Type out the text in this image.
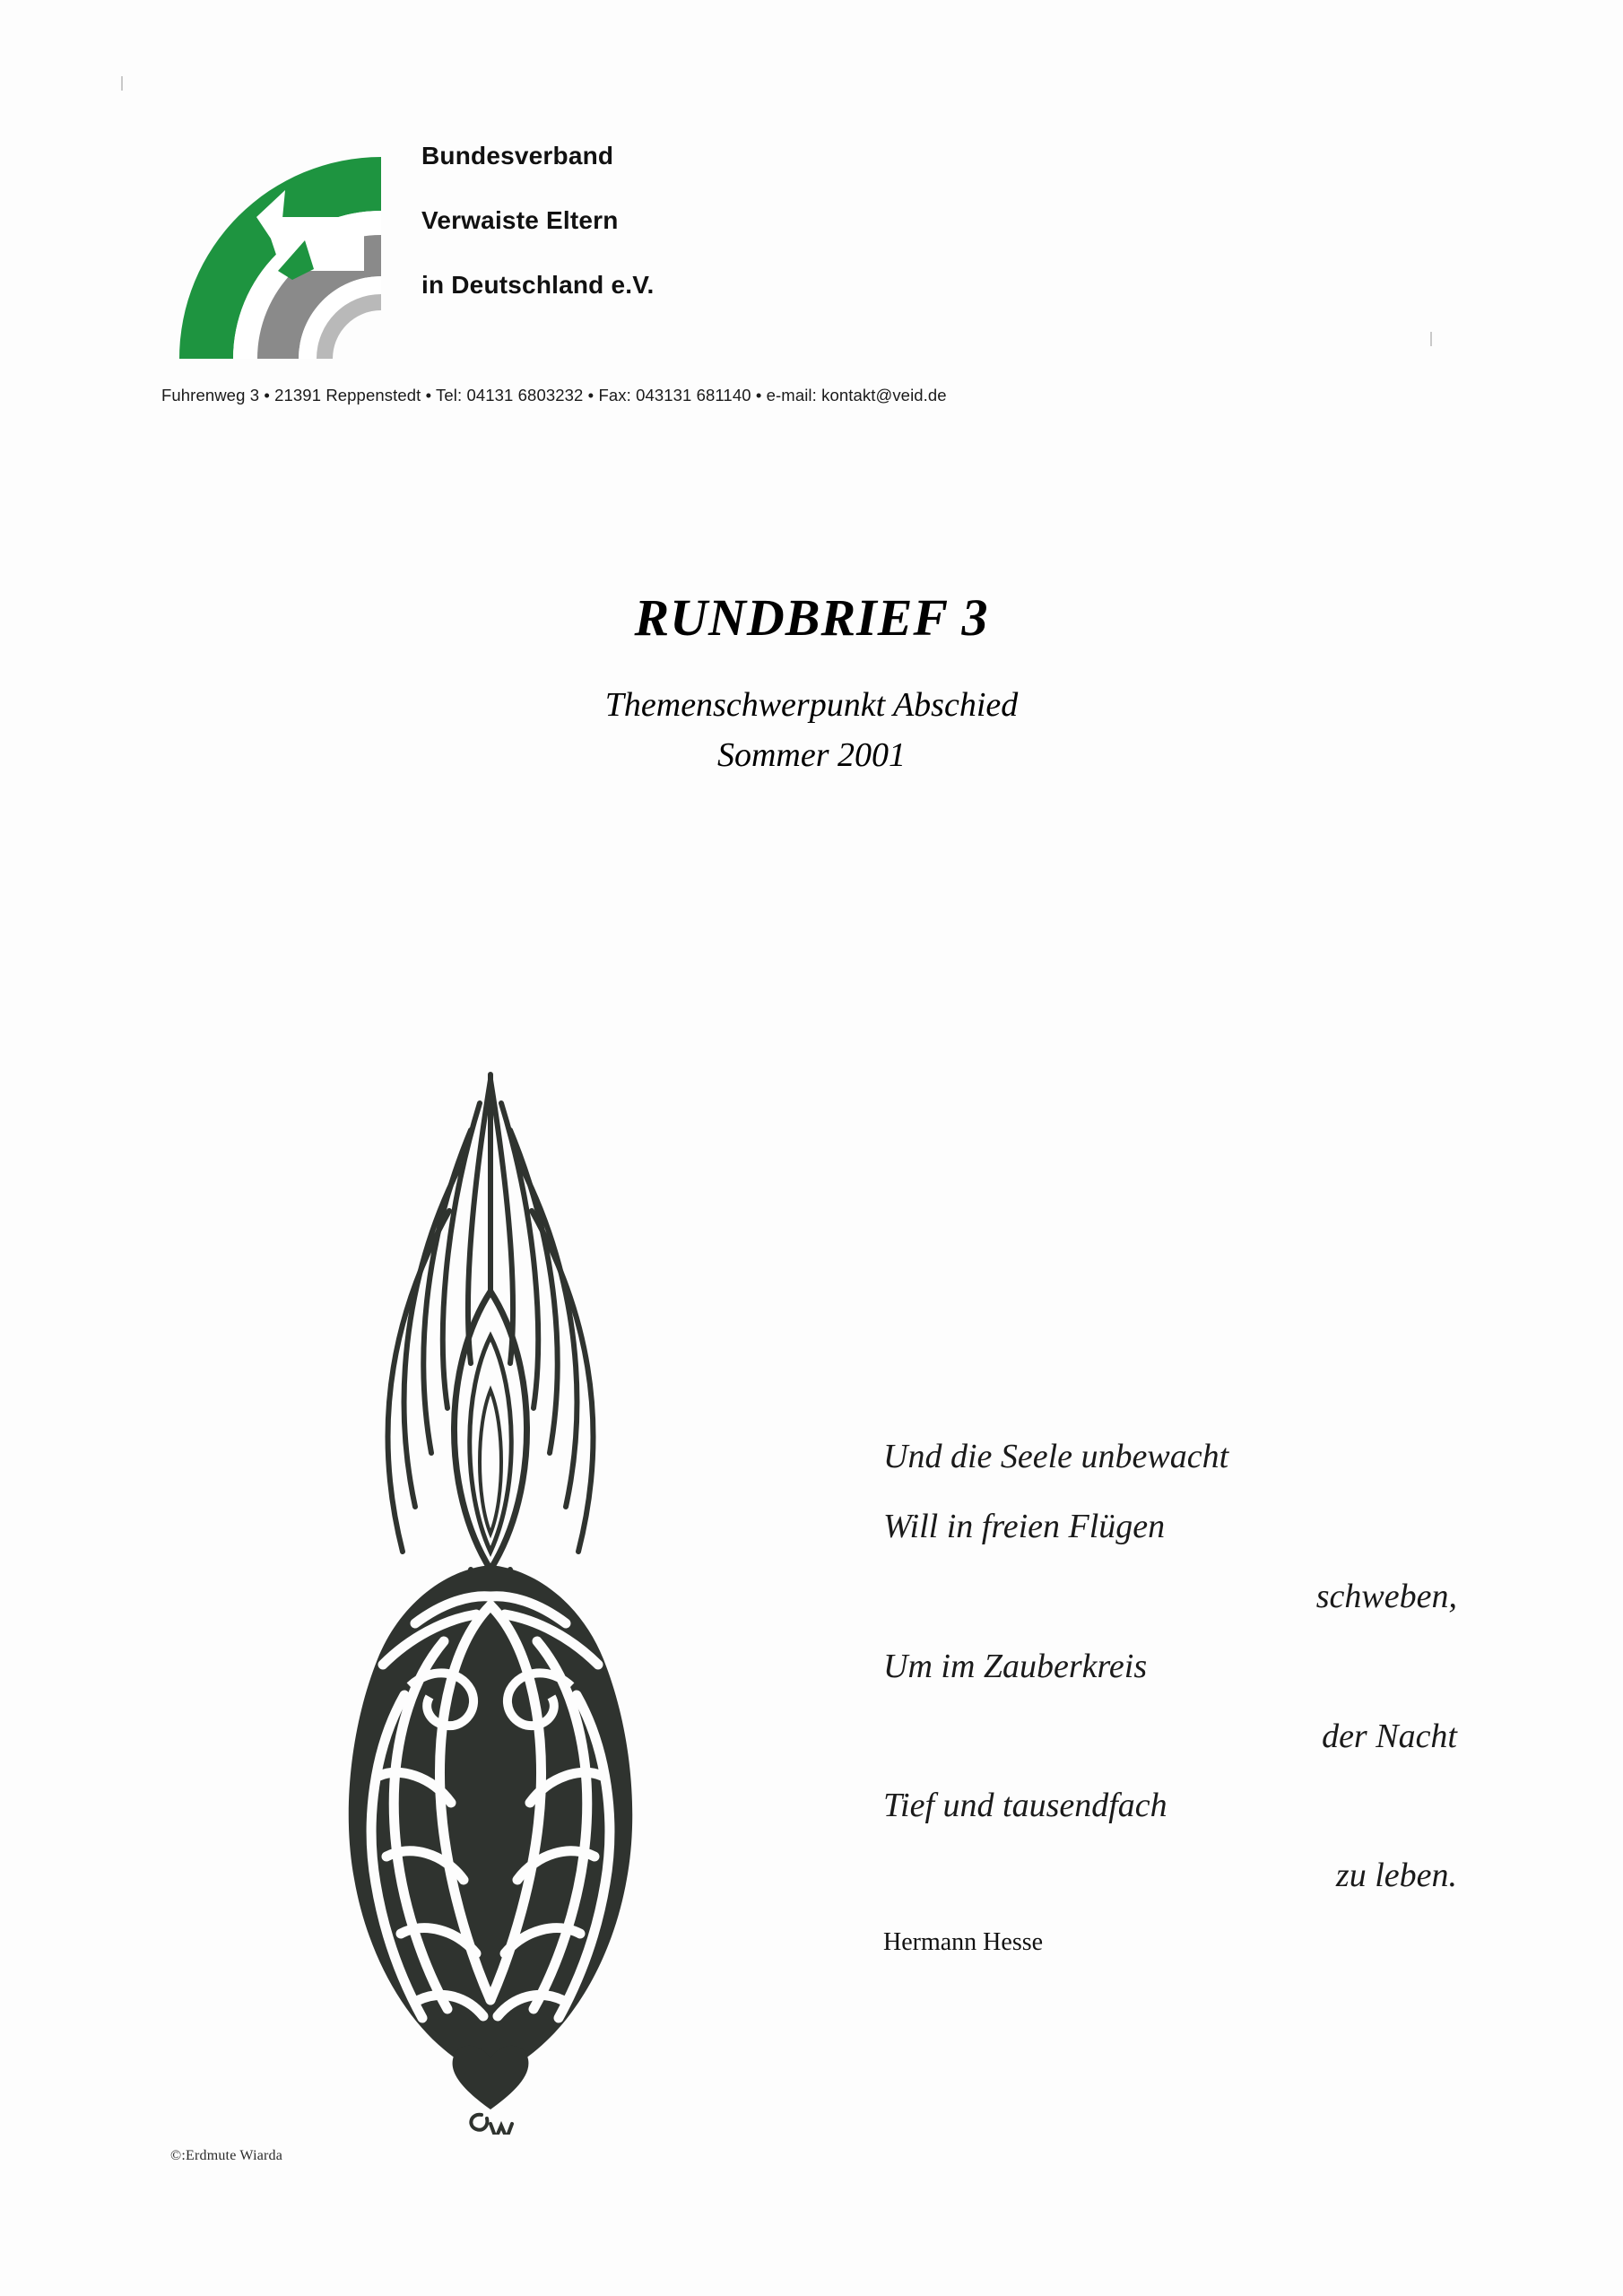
Bundesverband
Verwaiste Eltern
in Deutschland e.V.
Fuhrenweg 3 • 21391 Reppenstedt • Tel: 04131 6803232 • Fax: 043131 681140 • e-mail: kontakt@veid.de
RUNDBRIEF 3
Themenschwerpunkt Abschied
Sommer 2001
©:Erdmute Wiarda
Und die Seele unbewacht
Will in freien Flügen
schweben,
Um im Zauberkreis
der Nacht
Tief und tausendfach
zu leben.
Hermann Hesse
